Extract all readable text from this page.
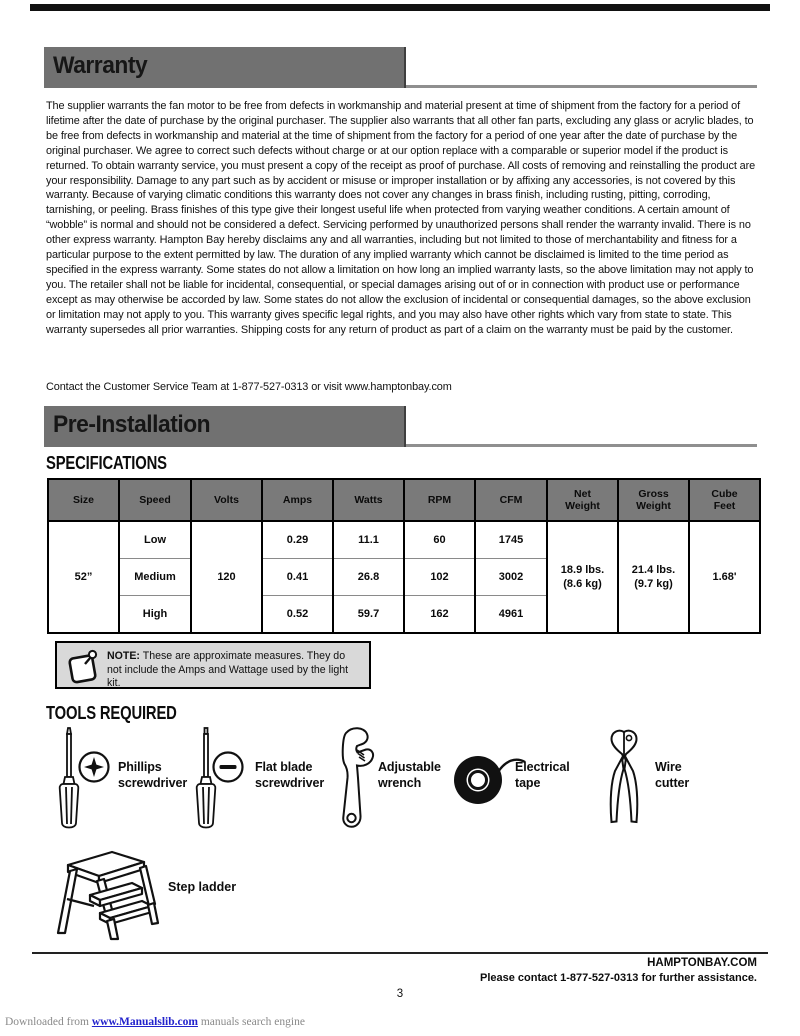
Warranty
The supplier warrants the fan motor to be free from defects in workmanship and material present at time of shipment from the factory for a period of lifetime after the date of purchase by the original purchaser. The supplier also warrants that all other fan parts, excluding any glass or acrylic blades, to be free from defects in workmanship and material at the time of shipment from the factory for a period of one year after the date of purchase by the original purchaser. We agree to correct such defects without charge or at our option replace with a comparable or superior model if the product is returned. To obtain warranty service, you must present a copy of the receipt as proof of purchase. All costs of removing and reinstalling the product are your responsibility. Damage to any part such as by accident or misuse or improper installation or by affixing any accessories, is not covered by this warranty. Because of varying climatic conditions this warranty does not cover any changes in brass finish, including rusting, pitting, corroding, tarnishing, or peeling. Brass finishes of this type give their longest useful life when protected from varying weather conditions. A certain amount of “wobble” is normal and should not be considered a defect. Servicing performed by unauthorized persons shall render the warranty invalid. There is no other express warranty. Hampton Bay hereby disclaims any and all warranties, including but not limited to those of merchantability and fitness for a particular purpose to the extent permitted by law. The duration of any implied warranty which cannot be disclaimed is limited to the time period as specified in the express warranty. Some states do not allow a limitation on how long an implied warranty lasts, so the above limitation may not apply to you. The retailer shall not be liable for incidental, consequential, or special damages arising out of or in connection with product use or performance except as may otherwise be accorded by law. Some states do not allow the exclusion of incidental or consequential damages, so the above exclusion or limitation may not apply to you. This warranty gives specific legal rights, and you may also have other rights which vary from state to state. This warranty supersedes all prior warranties. Shipping costs for any return of product as part of a claim on the warranty must be paid by the customer.
Contact the Customer Service Team at 1-877-527-0313 or visit www.hamptonbay.com
Pre-Installation
SPECIFICATIONS
Size	Speed	Volts	Amps	Watts	RPM	CFM	Net Weight	Gross Weight	Cube Feet
52”	Low	120	0.29	11.1	60	1745	18.9 lbs. (8.6 kg)	21.4 lbs. (9.7 kg)	1.68'
	Medium		0.41	26.8	102	3002			
	High		0.52	59.7	162	4961			
NOTE: These are approximate measures. They do not include the Amps and Wattage used by the light kit.
TOOLS REQUIRED
Phillips
screwdriver
Flat blade
screwdriver
Adjustable
wrench
Electrical
tape
Wire
cutter
Step ladder
HAMPTONBAY.COM
Please contact 1-877-527-0313 for further assistance.
3
Downloaded from www.Manualslib.com manuals search engine
